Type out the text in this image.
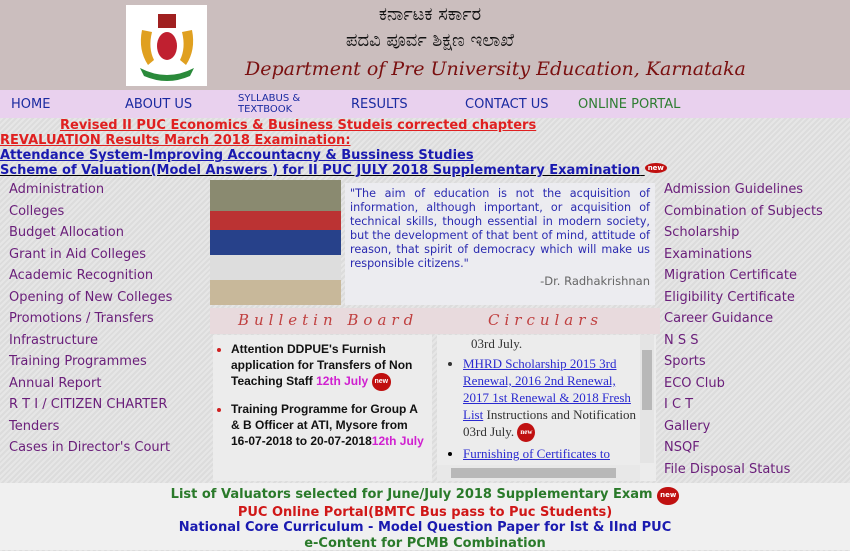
ಕರ್ನಾಟಕ ಸರ್ಕಾರ
ಪದವಿ ಪೂರ್ವ ಶಿಕ್ಷಣ ಇಲಾಖೆ
Department of Pre University Education, Karnataka
HOME	ABOUT US	SYLLABUS & TEXTBOOK	RESULTS	CONTACT US ONLINE PORTAL
Revised II PUC Economics & Business Studeis corrected chapters
REVALUATION Results March 2018 Examination:
Attendance System-Improving Accountacny & Bussiness Studies
Scheme of Valuation(Model Answers ) for II PUC JULY 2018 Supplementary Examination new
Administration
Colleges
Budget Allocation
Grant in Aid Colleges
Academic Recognition
Opening of New Colleges
Promotions / Transfers
Infrastructure
Training Programmes
Annual Report
R T I / CITIZEN CHARTER
Tenders
Cases in Director's Court
Admission Guidelines
Combination of Subjects
Scholarship
Examinations
Migration Certificate
Eligibility Certificate
Career Guidance
N S S
Sports
ECO Club
I C T
Gallery
NSQF
File Disposal Status
"The aim of education is not the acquisition of information, although important, or acquisition of technical skills, though essential in modern society, but the development of that bent of mind, attitude of reason, that spirit of democracy which will make us responsible citizens."
-Dr. Radhakrishnan
Bulletin Board	Circulars
• Attention DDPUE's Furnish application for Transfers of Non Teaching Staff 12th July new
• Training Programme for Group A & B Officer at ATI, Mysore from 16-07-2018 to 20-07-201812th July
03rd July.
• MHRD Scholarship 2015 3rd Renewal, 2016 2nd Renewal, 2017 1st Renewal & 2018 Fresh List Instructions and Notification 03rd July. new
• Furnishing of Certificates to
List of Valuators selected for June/July 2018 Supplementary Exam new
PUC Online Portal(BMTC Bus pass to Puc Students)
National Core Curriculum - Model Question Paper for Ist & IInd PUC
e-Content for PCMB Combination
